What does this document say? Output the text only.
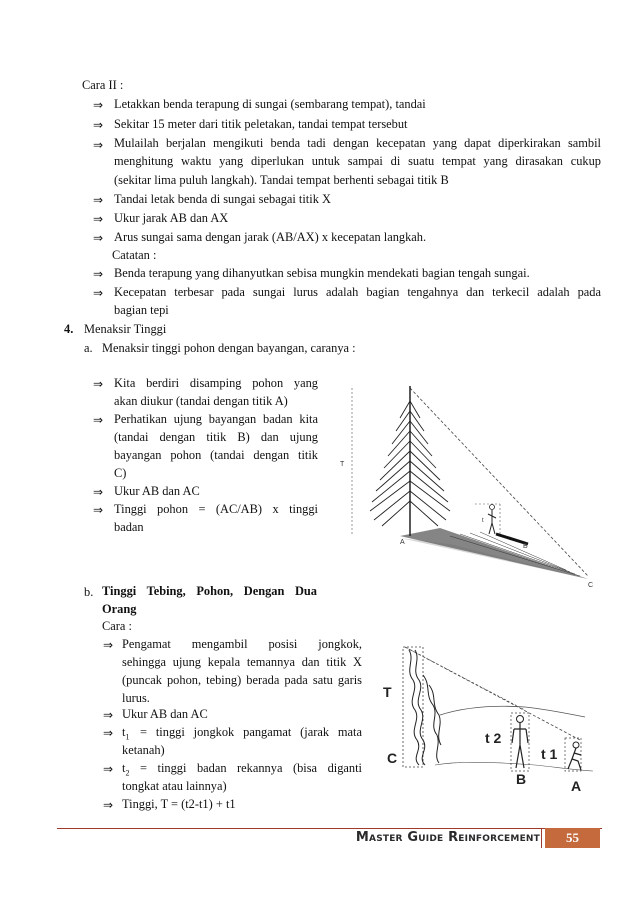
Cara II :
⇒ Letakkan benda terapung di sungai (sembarang tempat), tandai
⇒ Sekitar 15 meter dari titik peletakan, tandai tempat tersebut
⇒ Mulailah berjalan mengikuti benda tadi dengan kecepatan yang dapat diperkirakan sambil
menghitung waktu yang diperlukan untuk sampai di suatu tempat yang dirasakan cukup
(sekitar lima puluh langkah). Tandai tempat berhenti sebagai titik B
⇒ Tandai letak benda di sungai sebagai titik X
⇒ Ukur jarak AB dan AX
⇒ Arus sungai sama dengan jarak (AB/AX) x kecepatan langkah.
Catatan :
⇒ Benda terapung yang dihanyutkan sebisa mungkin mendekati bagian tengah sungai.
⇒ Kecepatan terbesar pada sungai lurus adalah bagian tengahnya dan terkecil adalah pada
bagian tepi
4. Menaksir Tinggi
a. Menaksir tinggi pohon dengan bayangan, caranya :
⇒ Kita berdiri disamping pohon yang
akan diukur (tandai dengan titik A)
⇒ Perhatikan ujung bayangan badan kita
(tandai dengan titik B) dan ujung
bayangan pohon (tandai dengan titik
C)
⇒ Ukur AB dan AC
⇒ Tinggi pohon = (AC/AB) x tinggi
badan
b. Tinggi Tebing, Pohon, Dengan Dua
Orang
Cara :
⇒ Pengamat mengambil posisi jongkok,
sehingga ujung kepala temannya dan titik X
(puncak pohon, tebing) berada pada satu garis
lurus.
⇒ Ukur AB dan AC
⇒ $t_1$ = tinggi jongkok pangamat (jarak mata
ketanah)
⇒ $t_2$ = tinggi badan rekannya (bisa diganti
tongkat atau lainnya)
⇒ Tinggi, T = (t2-t1) + t1
T
t
A
B
C
T
C
t 2
t 1
B	A
Master Guide Reinforcement	55
